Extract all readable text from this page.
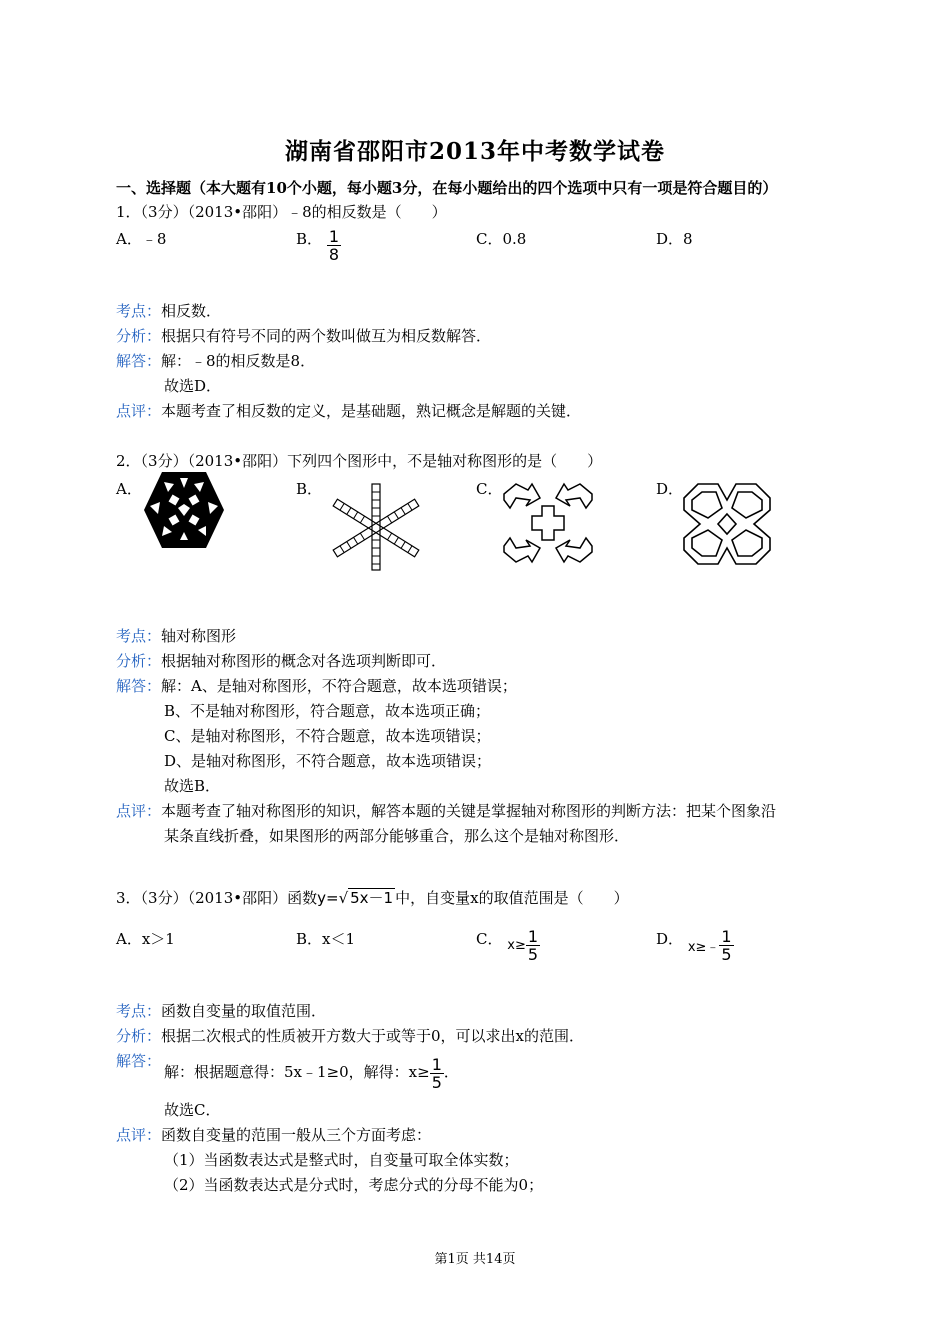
湖南省邵阳市2013年中考数学试卷
一、选择题（本大题有10个小题，每小题3分，在每小题给出的四个选项中只有一项是符合题目的）
1．（3分）（2013•邵阳）﹣8的相反数是（　　）
A．﹣8	B． $\frac{1}{8}$	C．0.8	D．8
考点：相反数．
分析：根据只有符号不同的两个数叫做互为相反数解答．
解答：解：﹣8的相反数是8．
故选D．
点评：本题考查了相反数的定义，是基础题，熟记概念是解题的关键．
2．（3分）（2013•邵阳）下列四个图形中，不是轴对称图形的是（　　）
A．	B．	C．	D．
考点：轴对称图形
分析：根据轴对称图形的概念对各选项判断即可．
解答：解：A、是轴对称图形，不符合题意，故本选项错误；
B、不是轴对称图形，符合题意，故本选项正确；
C、是轴对称图形，不符合题意，故本选项错误；
D、是轴对称图形，不符合题意，故本选项错误；
故选B．
点评：本题考查了轴对称图形的知识，解答本题的关键是掌握轴对称图形的判断方法：把某个图象沿
某条直线折叠，如果图形的两部分能够重合，那么这个是轴对称图形．
3．（3分）（2013•邵阳）函数y=√ 5x－1 中，自变量x的取值范围是（　　）
A．x＞1	B．x＜1	C． $x\ge \frac{1}{5}$	D． x≥﹣ $\frac{1}{5}$
考点：函数自变量的取值范围．
分析：根据二次根式的性质被开方数大于或等于0，可以求出x的范围．
解答：
解：根据题意得：5x﹣1≥0，解得：$x\ge \frac{1}{5}$ ．
故选C．
点评：函数自变量的范围一般从三个方面考虑：
（1）当函数表达式是整式时，自变量可取全体实数；
（2）当函数表达式是分式时，考虑分式的分母不能为0；
第1页 共14页
